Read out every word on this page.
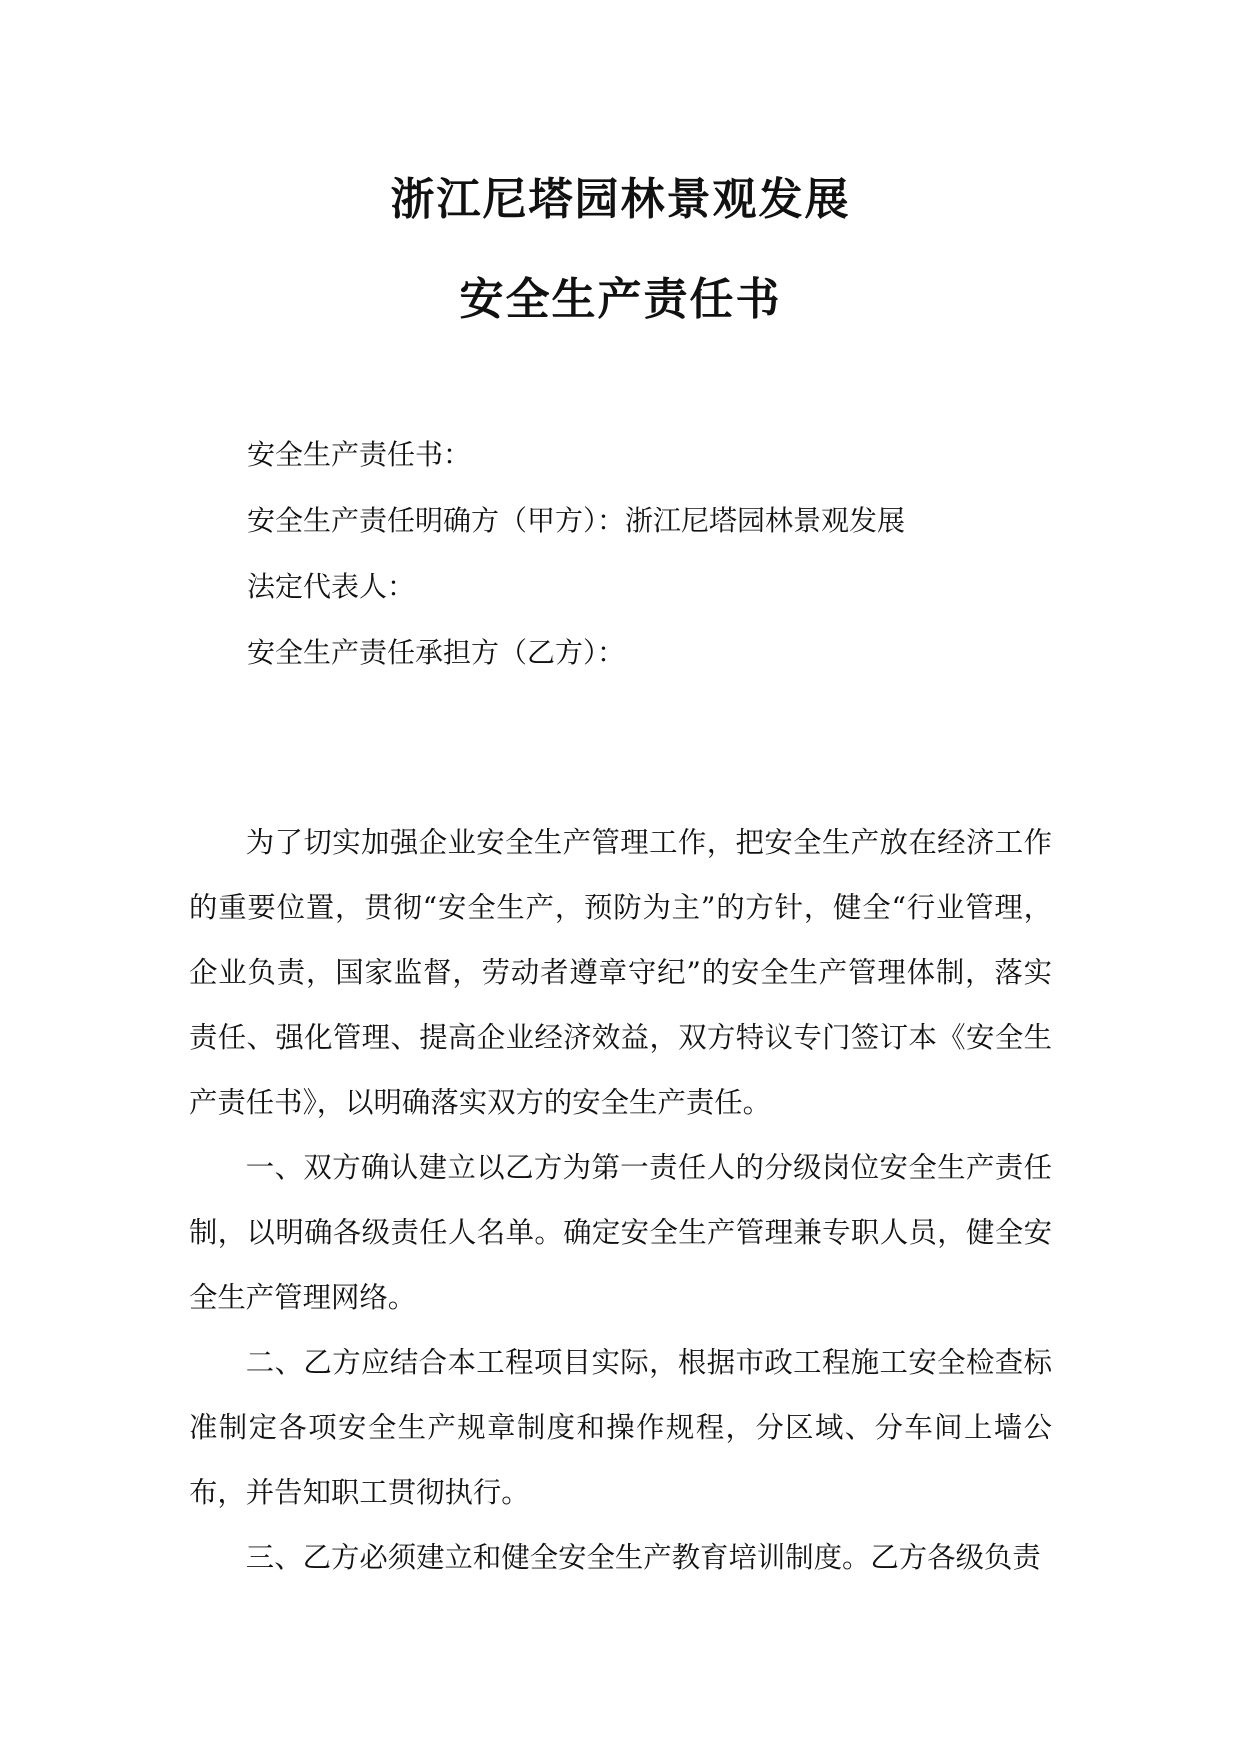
浙江尼塔园林景观发展
安全生产责任书
安全生产责任书：
安全生产责任明确方（甲方）：浙江尼塔园林景观发展
法定代表人：
安全生产责任承担方（乙方）：

为了切实加强企业安全生产管理工作，把安全生产放在经济工作的重要位置，贯彻“安全生产，预防为主”的方针，健全“行业管理，企业负责，国家监督，劳动者遵章守纪”的安全生产管理体制，落实责任、强化管理、提高企业经济效益，双方特议专门签订本《安全生产责任书》，以明确落实双方的安全生产责任。

一、双方确认建立以乙方为第一责任人的分级岗位安全生产责任制，以明确各级责任人名单。确定安全生产管理兼专职人员，健全安全生产管理网络。

二、乙方应结合本工程项目实际，根据市政工程施工安全检查标准制定各项安全生产规章制度和操作规程，分区域、分车间上墙公布，并告知职工贯彻执行。

三、乙方必须建立和健全安全生产教育培训制度。乙方各级负责
